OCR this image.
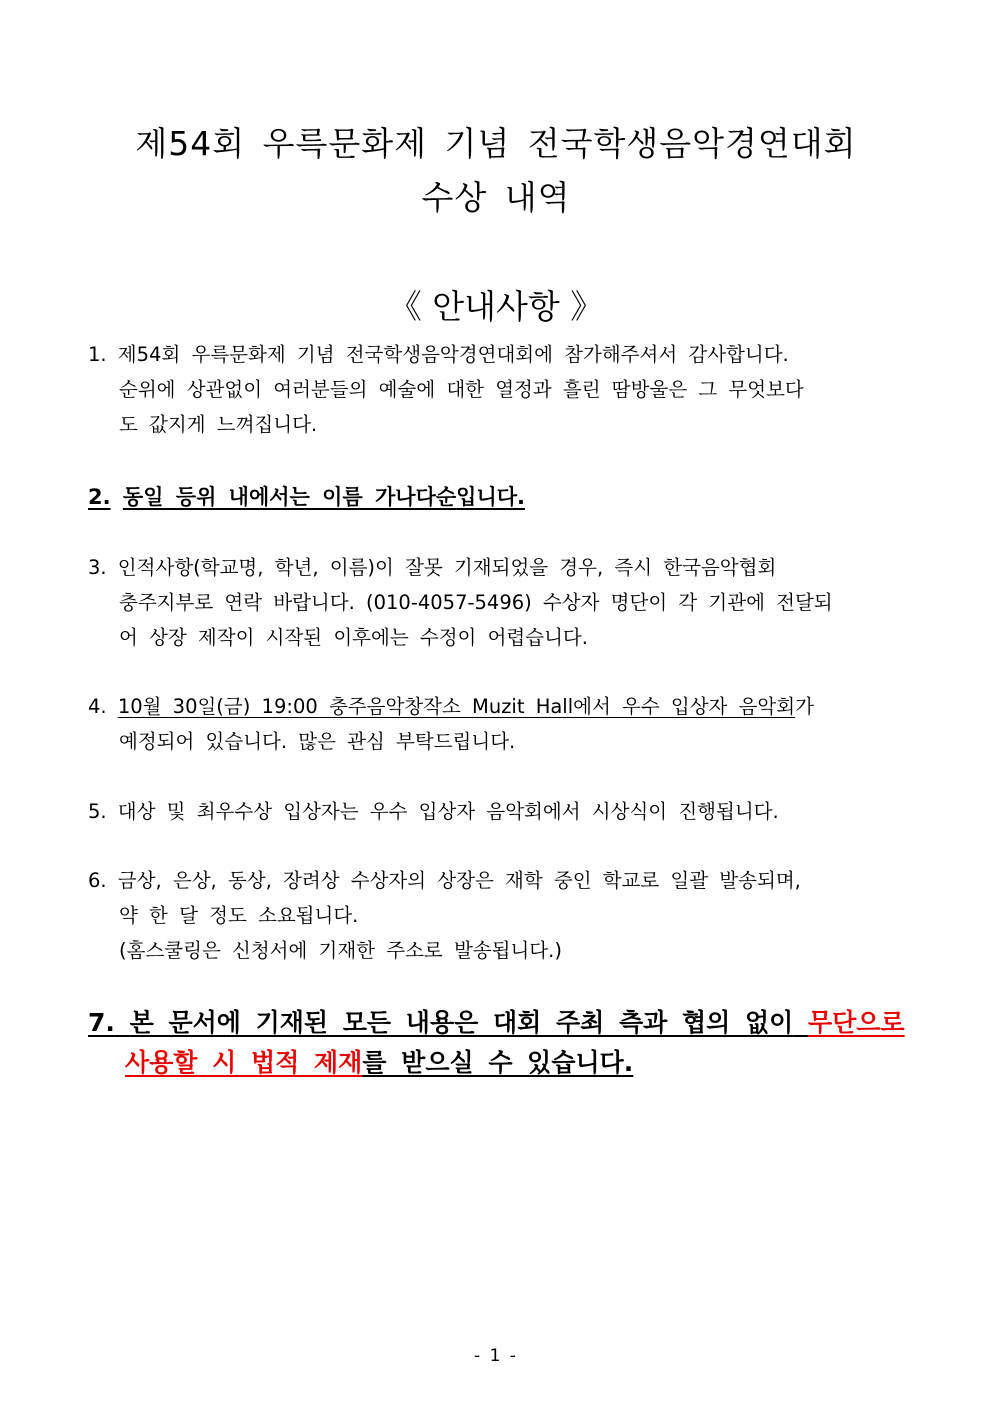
제54회 우륵문화제 기념 전국학생음악경연대회
수상 내역
《 안내사항 》
1. 제54회 우륵문화제 기념 전국학생음악경연대회에 참가해주셔서 감사합니다.
순위에 상관없이 여러분들의 예술에 대한 열정과 흘린 땀방울은 그 무엇보다
도 값지게 느껴집니다.
2. 동일 등위 내에서는 이름 가나다순입니다.
3. 인적사항(학교명, 학년, 이름)이 잘못 기재되었을 경우, 즉시 한국음악협회
충주지부로 연락 바랍니다. (010-4057-5496) 수상자 명단이 각 기관에 전달되
어 상장 제작이 시작된 이후에는 수정이 어렵습니다.
4. 10월 30일(금) 19:00 충주음악창작소 Muzit Hall에서 우수 입상자 음악회가
예정되어 있습니다. 많은 관심 부탁드립니다.
5. 대상 및 최우수상 입상자는 우수 입상자 음악회에서 시상식이 진행됩니다.
6. 금상, 은상, 동상, 장려상 수상자의 상장은 재학 중인 학교로 일괄 발송되며,
약 한 달 정도 소요됩니다.
(홈스쿨링은 신청서에 기재한 주소로 발송됩니다.)
7. 본 문서에 기재된 모든 내용은 대회 주최 측과 협의 없이 무단으로
사용할 시 법적 제재를 받으실 수 있습니다.
- 1 -
